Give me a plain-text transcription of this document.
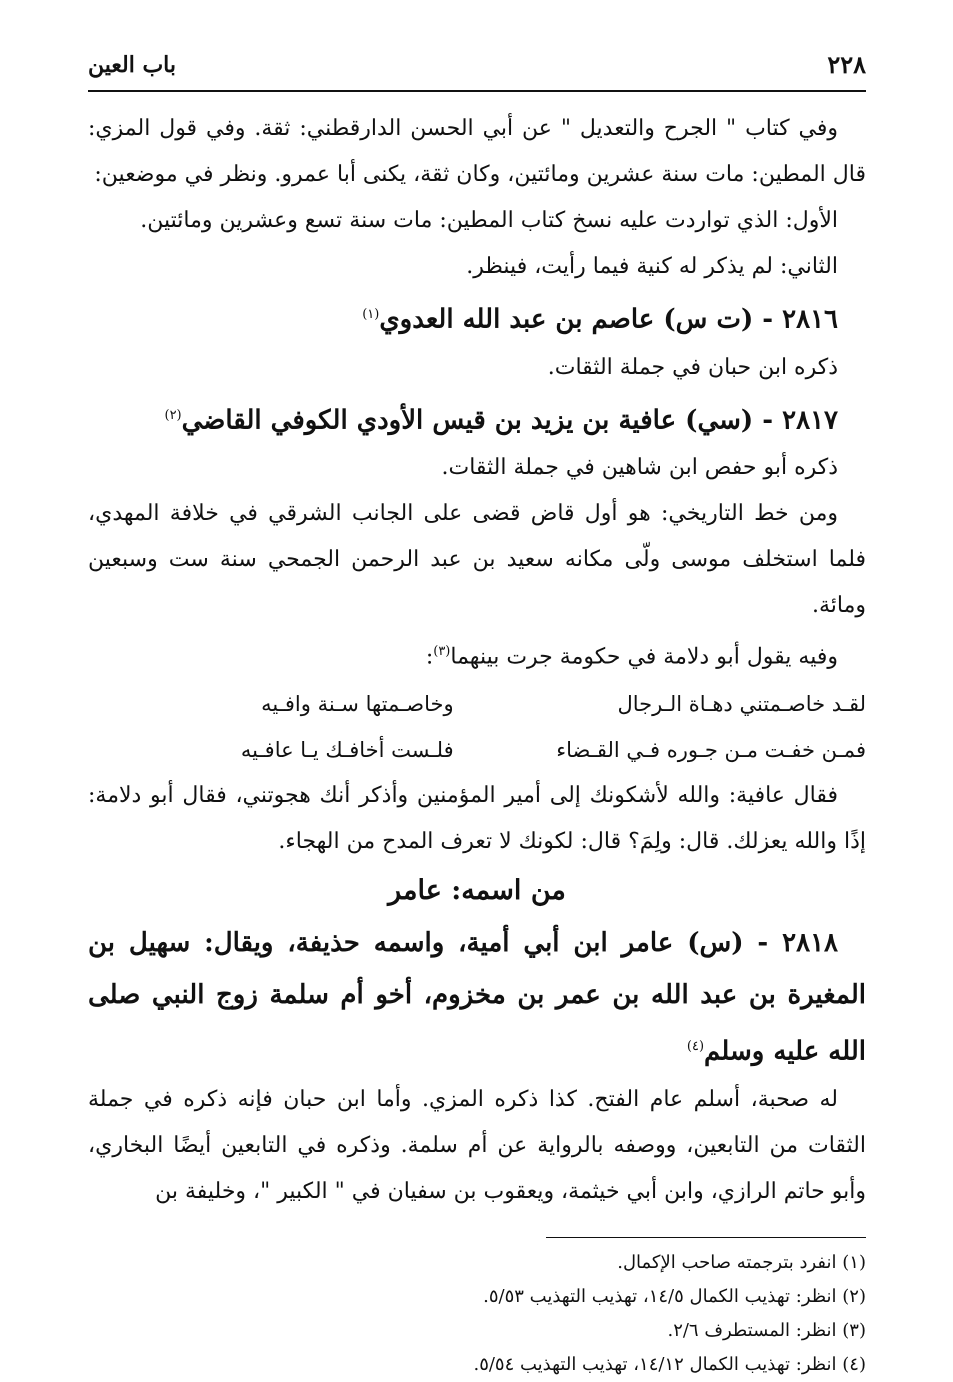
٢٢٨
باب العين

وفي كتاب " الجرح والتعديل " عن أبي الحسن الدارقطني: ثقة. وفي قول المزي: قال المطين: مات سنة عشرين ومائتين، وكان ثقة، يكنى أبا عمرو. ونظر في موضعين:

الأول: الذي تواردت عليه نسخ كتاب المطين: مات سنة تسع وعشرين ومائتين.

الثاني: لم يذكر له كنية فيما رأيت، فينظر.

٢٨١٦ - (ت س) عاصم بن عبد الله العدوي$^{(١)}$

ذكره ابن حبان في جملة الثقات.

٢٨١٧ - (سي) عافية بن يزيد بن قيس الأودي الكوفي القاضي$^{(٢)}$

ذكره أبو حفص ابن شاهين في جملة الثقات.

ومن خط التاريخي: هو أول قاض قضى على الجانب الشرقي في خلافة المهدي، فلما استخلف موسى ولّى مكانه سعيد بن عبد الرحمن الجمحي سنة ست وسبعين ومائة.

وفيه يقول أبو دلامة في حكومة جرت بينهما$^{(٣)}$:

لقـد خاصـمتني دهـاة الـرجال
وخاصـمتها سـنة وافـيه
فمـن خفـت مـن جـوره فـي القـضاء
فلـست أخافـك يـا عافـيه

فقال عافية: والله لأشكونك إلى أمير المؤمنين وأذكر أنك هجوتني، فقال أبو دلامة: إذًا والله يعزلك. قال: ولِمَ؟ قال: لكونك لا تعرف المدح من الهجاء.

من اسمه: عامر
٢٨١٨ - (س) عامر ابن أبي أمية، واسمه حذيفة، ويقال: سهيل بن المغيرة بن عبد الله بن عمر بن مخزوم، أخو أم سلمة زوج النبي صلى الله عليه وسلم$^{(٤)}$

له صحبة، أسلم عام الفتح. كذا ذكره المزي. وأما ابن حبان فإنه ذكره في جملة الثقات من التابعين، ووصفه بالرواية عن أم سلمة. وذكره في التابعين أيضًا البخاري، وأبو حاتم الرازي، وابن أبي خيثمة، ويعقوب بن سفيان في " الكبير "، وخليفة بن

(١) انفرد بترجمته صاحب الإكمال.

(٢) انظر: تهذيب الكمال ١٤/٥، تهذيب التهذيب ٥/٥٣.

(٣) انظر: المستطرف ٢/٦.

(٤) انظر: تهذيب الكمال ١٤/١٢، تهذيب التهذيب ٥/٥٤.
